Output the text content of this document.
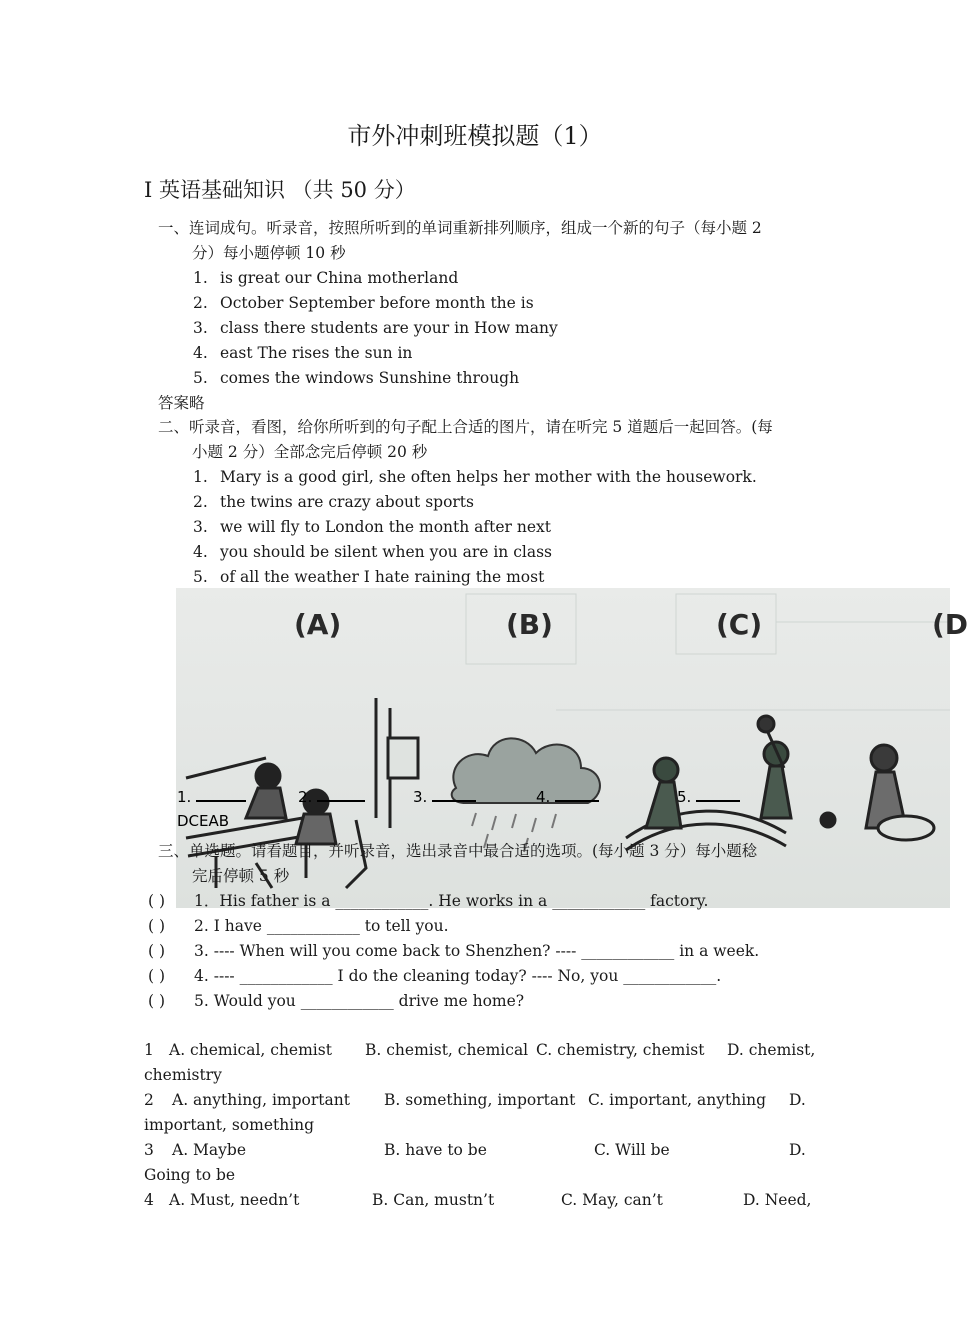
市外冲刺班模拟题（1）
I 英语基础知识 （共 50 分）
一、连词成句。听录音，按照所听到的单词重新排列顺序，组成一个新的句子（每小题 2
分）每小题停顿 10 秒
1. is great our China motherland
2. October September before month the is
3. class there students are your in How many
4. east The rises the sun in
5. comes the windows Sunshine through
答案略
二、听录音，看图，给你所听到的句子配上合适的图片，请在听完 5 道题后一起回答。(每
小题 2 分）全部念完后停顿 20 秒
1. Mary is a good girl, she often helps her mother with the housework.
2. the twins are crazy about sports
3. we will fly to London the month after next
4. you should be silent when you are in class
5. of all the weather I hate raining the most

(A)	(B)	(C)	(D
1.	2.	3.	4.	5.
DCEAB
三、单选题。请看题目，并听录音，选出录音中最合适的选项。(每小题 3 分）每小题稔
完后停顿 5 秒
( ) 1．His father is a ____________. He works in a ____________ factory.
( ) 2. I have ____________ to tell you.
( ) 3. ---- When will you come back to Shenzhen? ---- ____________ in a week.
( ) 4. ---- ____________ I do the cleaning today? ---- No, you ____________.
( ) 5. Would you ____________ drive me home?
1 A. chemical, chemist B. chemist, chemical C. chemistry, chemist D. chemist,
chemistry
2 A. anything, important B. something, important C. important, anything D.
important, something
3 A. Maybe	B. have to be	C. Will be	D.
Going to be
4 A. Must, needn’t	B. Can, mustn’t	C. May, can’t	D. Need,
